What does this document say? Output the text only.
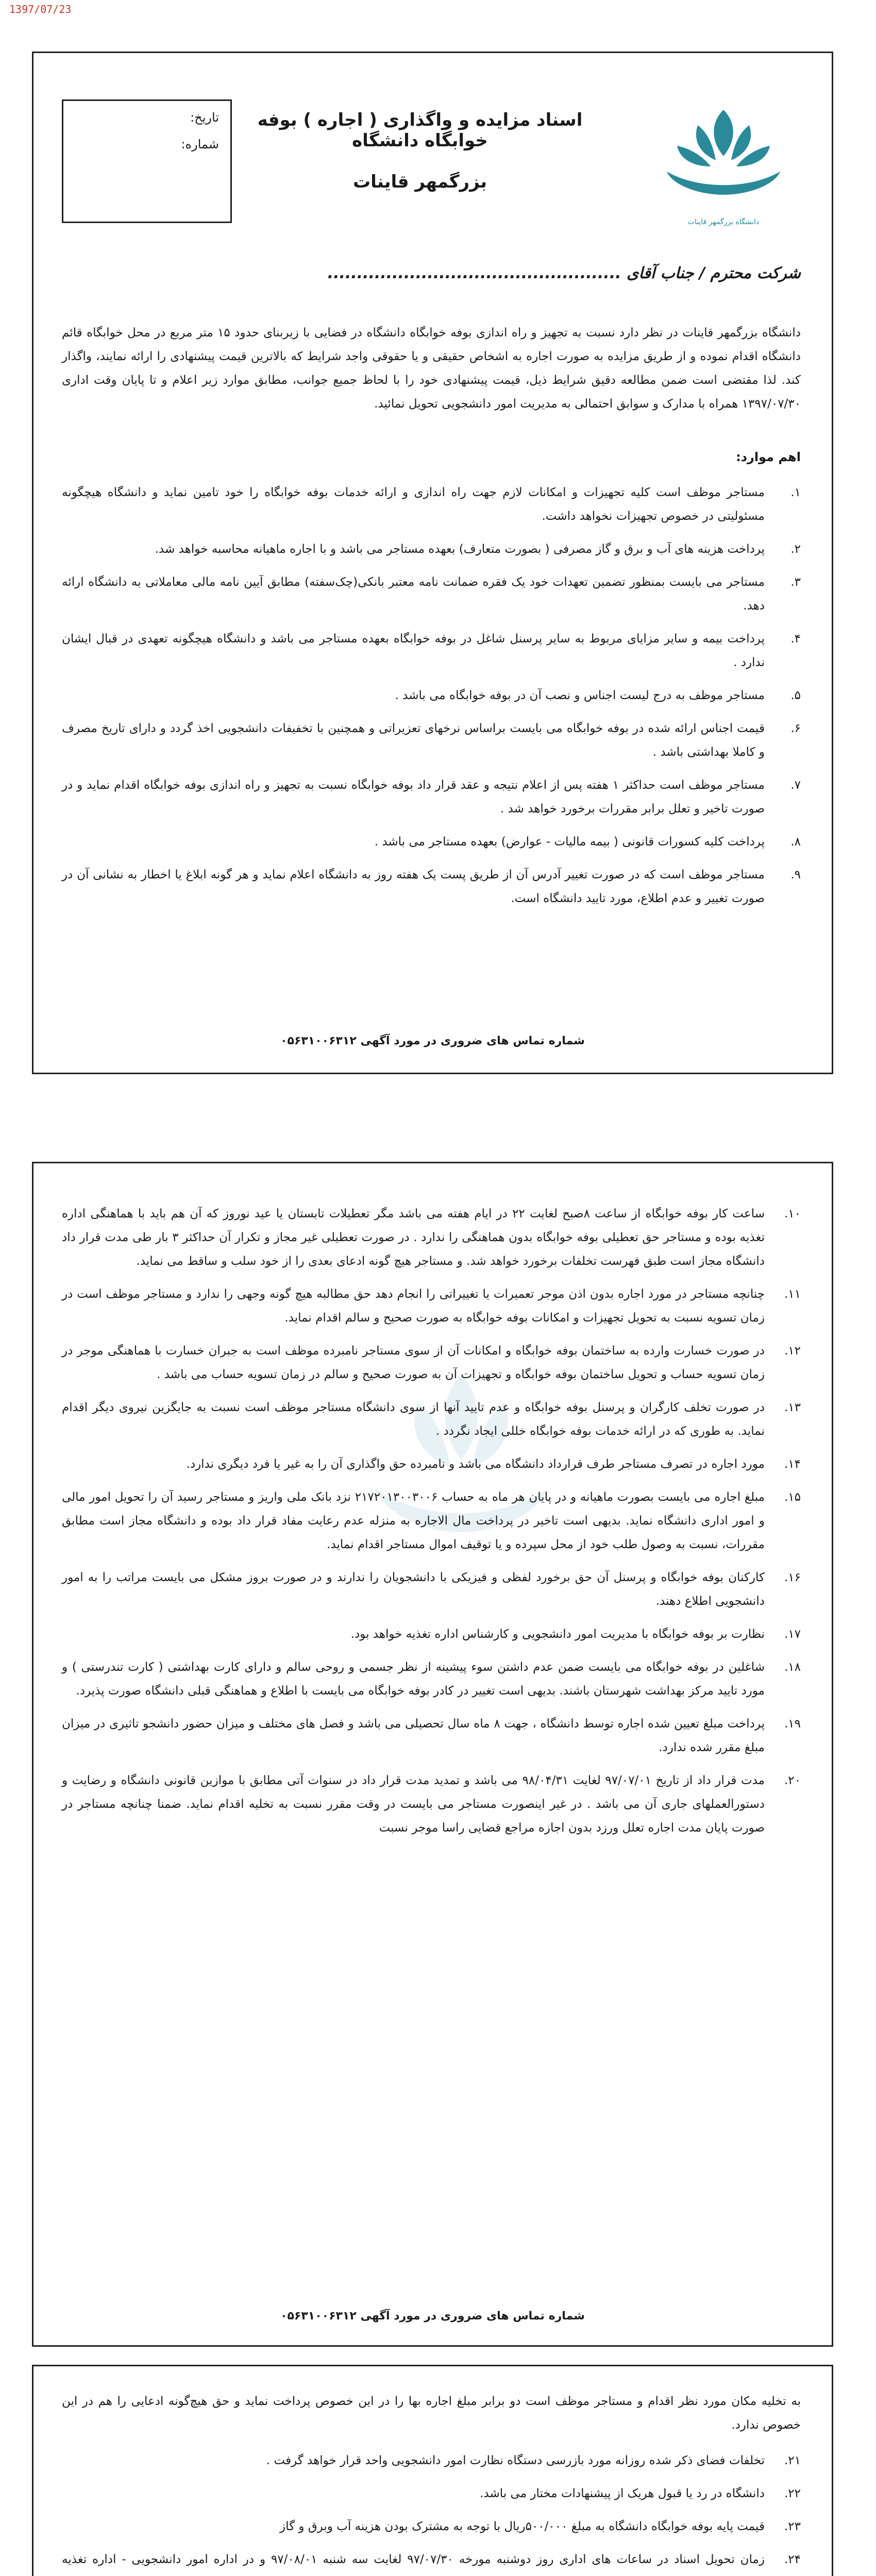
1397/07/23
تاریخ:
شماره:
اسناد مزایده و واگذاری ( اجاره ) بوفه خوابگاه دانشگاه
بزرگمهر قاینات
دانشگاه بزرگمهر قاینات
شرکت محترم / جناب آقای ..................................................
دانشگاه بزرگمهر قاینات در نظر دارد نسبت به تجهیز و راه اندازی بوفه خوابگاه دانشگاه در فضایی با زیربنای حدود ۱۵ متر مربع در محل خوابگاه قائم دانشگاه اقدام نموده و از طریق مزایده به صورت اجاره به اشخاص حقیقی و یا حقوقی واجد شرایط که بالاترین قیمت پیشنهادی را ارائه نمایند، واگذار کند. لذا مقتضی است ضمن مطالعه دقیق شرایط ذیل، قیمت پیشنهادی خود را با لحاظ جمیع جوانب، مطابق موارد زیر اعلام و تا پایان وقت اداری ۱۳۹۷/۰۷/۳۰ همراه با مدارک و سوابق احتمالی به مدیریت امور دانشجویی تحویل نمائید.
اهم موارد:
۱.
مستاجر موظف است کلیه تجهیزات و امکانات لازم جهت راه اندازی و ارائه خدمات بوفه خوابگاه را خود تامین نماید و دانشگاه هیچگونه مسئولیتی در خصوص تجهیزات نخواهد داشت.
۲.
پرداخت هزینه های آب و برق و گاز مصرفی ( بصورت متعارف) بعهده مستاجر می باشد و با اجاره ماهیانه محاسبه خواهد شد.
۳.
مستاجر می بایست بمنظور تضمین تعهدات خود یک فقره ضمانت نامه معتبر بانکی(چک‌سفته) مطابق آیین نامه مالی معاملاتی به دانشگاه ارائه دهد.
۴.
پرداخت بیمه و سایر مزایای مربوط به سایر پرسنل شاغل در بوفه خوابگاه بعهده مستاجر می باشد و دانشگاه هیچگونه تعهدی در قبال ایشان ندارد .
۵.
مستاجر موظف به درج لیست اجناس و نصب آن در بوفه خوابگاه می باشد .
۶.
قیمت اجناس ارائه شده در بوفه خوابگاه می بایست براساس نرخهای تعزیراتی و همچنین با تخفیفات دانشجویی اخذ گردد و دارای تاریخ مصرف و کاملا بهداشتی باشد .
۷.
مستاجر موظف است حداکثر ۱ هفته پس از اعلام نتیجه و عقد قرار داد بوفه خوابگاه نسبت به تجهیز و راه اندازی بوفه خوابگاه اقدام نماید و در صورت تاخیر و تعلل برابر مقررات برخورد خواهد شد .
۸.
پرداخت کلیه کسورات قانونی ( بیمه مالیات - عوارض) بعهده مستاجر می باشد .
۹.
مستاجر موظف است که در صورت تغییر آدرس آن از طریق پست یک هفته روز به دانشگاه اعلام نماید و هر گونه ابلاغ یا اخطار به نشانی آن در صورت تغییر و عدم اطلاع، مورد تایید دانشگاه است.
شماره تماس های ضروری در مورد آگهی ۰۵۶۳۱۰۰۶۳۱۲
۱۰.
ساعت کار بوفه خوابگاه از ساعت ۸صبح لغایت ۲۲ در ایام هفته می باشد مگر تعطیلات تابستان یا عید نوروز که آن هم باید با هماهنگی اداره تغذیه بوده و مستاجر حق تعطیلی بوفه خوابگاه بدون هماهنگی را ندارد . در صورت تعطیلی غیر مجاز و تکرار آن حداکثر ۳ بار طی مدت قرار داد دانشگاه مجاز است طبق فهرست تخلفات برخورد خواهد شد. و مستاجر هیچ گونه ادعای بعدی را از خود سلب و ساقط می نماید.
۱۱.
چنانچه مستاجر در مورد اجاره بدون اذن موجر تعمیرات یا تغییراتی را انجام دهد حق مطالبه هیچ گونه وجهی را ندارد و مستاجر موظف است در زمان تسویه نسبت به تحویل تجهیزات و امکانات بوفه خوابگاه به صورت صحیح و سالم اقدام نماید.
۱۲.
در صورت خسارت وارده به ساختمان بوفه خوابگاه و امکانات آن از سوی مستاجر نامبرده موظف است به جبران خسارت با هماهنگی موجر در زمان تسویه حساب و تحویل ساختمان بوفه خوابگاه و تجهیزات آن به صورت صحیح و سالم در زمان تسویه حساب می باشد .
۱۳.
در صورت تخلف کارگران و پرسنل بوفه خوابگاه و عدم تایید آنها از سوی دانشگاه مستاجر موظف است نسبت به جایگزین نیروی دیگر اقدام نماید. به طوری که در ارائه خدمات بوفه خوابگاه خللی ایجاد نگردد .
۱۴.
مورد اجاره در تصرف مستاجر طرف قرارداد دانشگاه می باشد و نامبرده حق واگذاری آن را به غیر یا فرد دیگری ندارد.
۱۵.
مبلغ اجاره می بایست بصورت ماهیانه و در پایان هر ماه به حساب ۲۱۷۲۰۱۳۰۰۳۰۰۶ نزد بانک ملی واریز و مستاجر رسید آن را تحویل امور مالی و امور اداری دانشگاه نماید. بدیهی است تاخیر در پرداخت مال الاجاره به منزله عدم رعایت مفاد قرار داد بوده و دانشگاه مجاز است مطابق مقررات، نسبت به وصول طلب خود از محل سپرده و یا توقیف اموال مستاجر اقدام نماید.
۱۶.
کارکنان بوفه خوابگاه و پرسنل آن حق برخورد لفظی و فیزیکی با دانشجویان را ندارند و در صورت بروز مشکل می بایست مراتب را به امور دانشجویی اطلاع دهند.
۱۷.
نظارت بر بوفه خوابگاه با مدیریت امور دانشجویی و کارشناس اداره تغذیه خواهد بود.
۱۸.
شاغلین در بوفه خوابگاه می بایست ضمن عدم داشتن سوء پیشینه از نظر جسمی و روحی سالم و دارای کارت بهداشتی ( کارت تندرستی ) و مورد تایید مرکز بهداشت شهرستان باشند. بدیهی است تغییر در کادر بوفه خوابگاه می بایست با اطلاع و هماهنگی قبلی دانشگاه صورت پذیرد.
۱۹.
پرداخت مبلغ تعیین شده اجاره توسط دانشگاه ، جهت ۸ ماه سال تحصیلی می باشد و فصل های مختلف و میزان حضور دانشجو تاثیری در میزان مبلغ مقرر شده ندارد.
۲۰.
مدت قرار داد از تاریخ ۹۷/۰۷/۰۱ لغایت ۹۸/۰۴/۳۱ می باشد و تمدید مدت قرار داد در سنوات آتی مطابق با موازین قانونی دانشگاه و رضایت و دستورالعملهای جاری آن می باشد . در غیر اینصورت مستاجر می بایست در وقت مقرر نسبت به تخلیه اقدام نماید. ضمنا چنانچه مستاجر در صورت پایان مدت اجاره تعلل ورزد بدون اجازه مراجع قضایی راسا موجر نسبت
شماره تماس های ضروری در مورد آگهی ۰۵۶۳۱۰۰۶۳۱۲
به تخلیه مکان مورد نظر اقدام و مستاجر موظف است دو برابر مبلغ اجاره بها را در این خصوص پرداخت نماید و حق هیچ‌گونه ادعایی را هم در این خصوص ندارد.
۲۱.
تخلفات فضای ذکر شده روزانه مورد بازرسی دستگاه نظارت امور دانشجویی واحد قرار خواهد گرفت .
۲۲.
دانشگاه در رد یا قبول هریک از پیشنهادات مختار می باشد.
۲۳.
قیمت پایه بوفه خوابگاه دانشگاه به مبلغ ۵۰۰/۰۰۰ریال با توجه به مشترک بودن هزینه آب وبرق و گاز
۲۴.
زمان تحویل اسناد در ساعات های اداری روز دوشنبه مورخه ۹۷/۰۷/۳۰ لغایت سه شنبه ۹۷/۰۸/۰۱ و در اداره امور دانشجویی - اداره تغذیه
